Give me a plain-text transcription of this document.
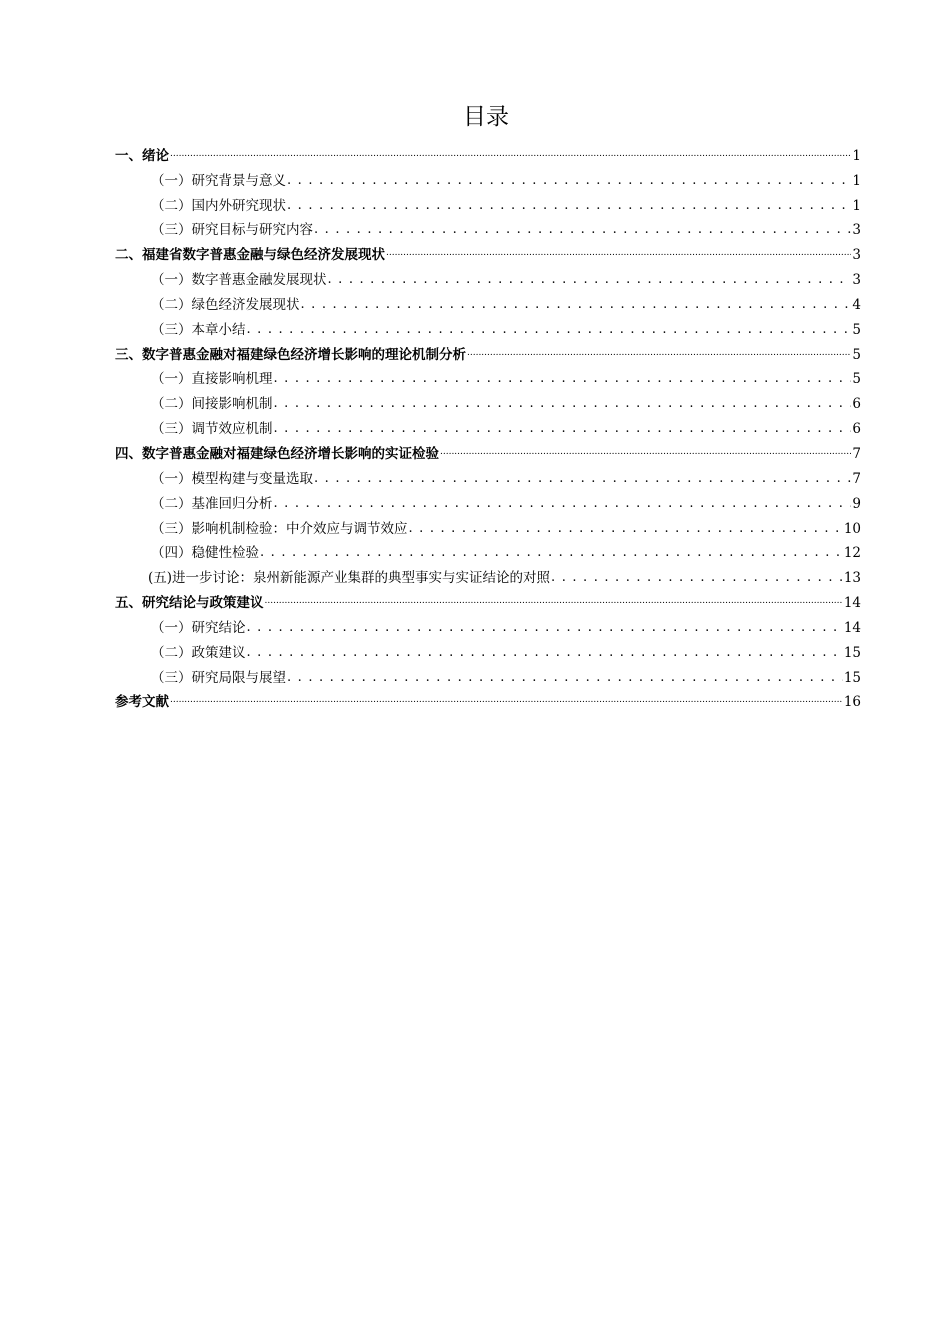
目录
一、绪论 .....	1
（一）研究背景与意义 . . .	1
（二）国内外研究现状 . . .	1
（三）研究目标与研究内容 . . .	3
二、福建省数字普惠金融与绿色经济发展现状 .....	3
（一）数字普惠金融发展现状 . . .	3
（二）绿色经济发展现状 . . .	4
（三）本章小结 . . .	5
三、数字普惠金融对福建绿色经济增长影响的理论机制分析 .....	5
（一）直接影响机理 . . .	5
（二）间接影响机制 . . .	6
（三）调节效应机制 . . .	6
四、数字普惠金融对福建绿色经济增长影响的实证检验 .....	7
（一）模型构建与变量选取 . . .	7
（二）基准回归分析 . . .	9
（三）影响机制检验：中介效应与调节效应 . . .	10
（四）稳健性检验 . . .	12
(五)进一步讨论：泉州新能源产业集群的典型事实与实证结论的对照 . . .	13
五、研究结论与政策建议 .....	14
（一）研究结论 . . .	14
（二）政策建议 . . .	15
（三）研究局限与展望 . . .	15
参考文献 .....	16
